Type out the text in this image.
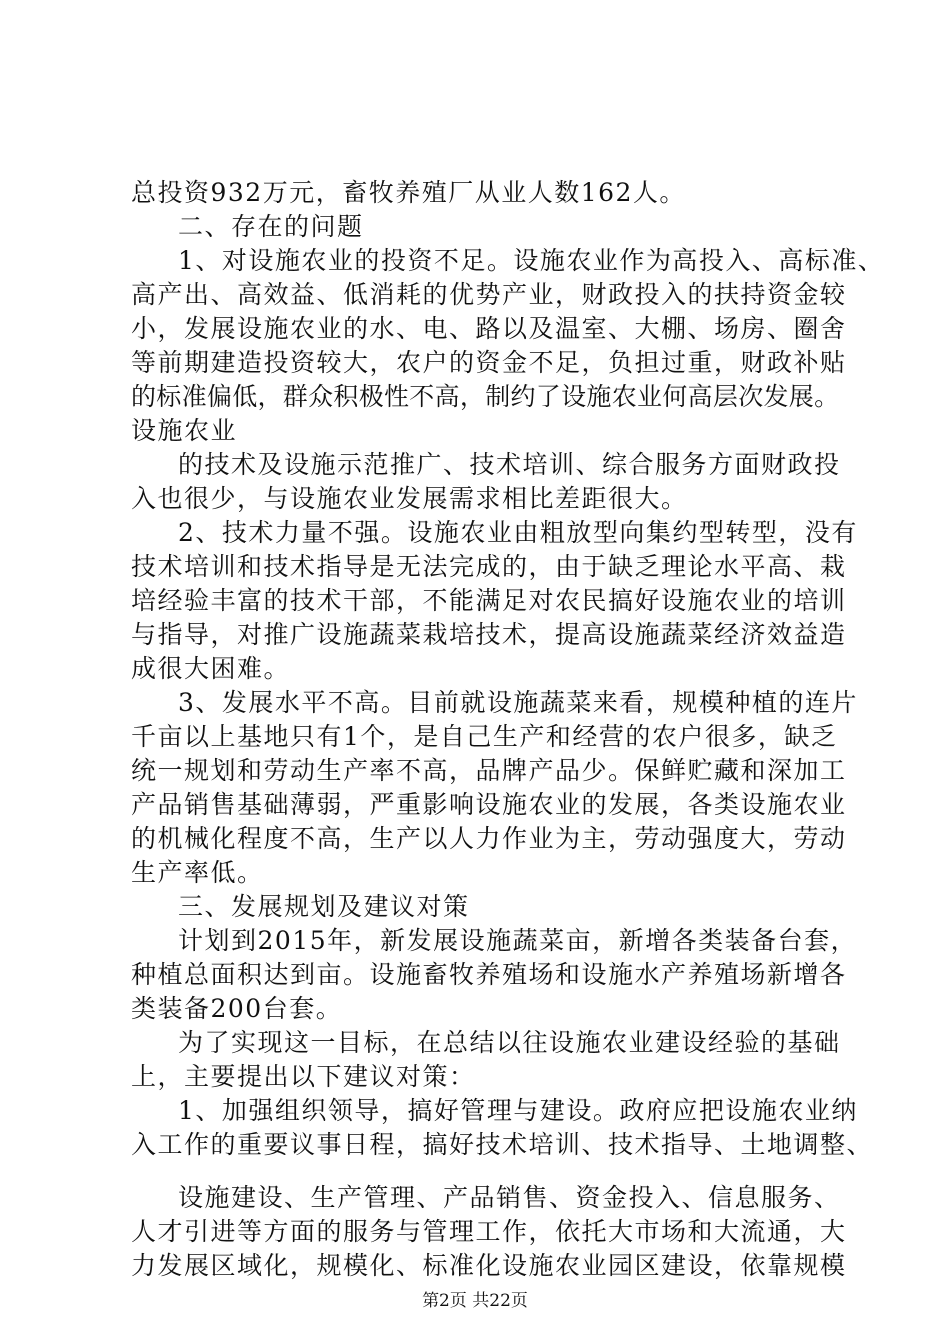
总投资932万元，畜牧养殖厂从业人数162人。
二、存在的问题
1、对设施农业的投资不足。设施农业作为高投入、高标准、
高产出、高效益、低消耗的优势产业，财政投入的扶持资金较
小，发展设施农业的水、电、路以及温室、大棚、场房、圈舍
等前期建造投资较大，农户的资金不足，负担过重，财政补贴
的标准偏低，群众积极性不高，制约了设施农业何高层次发展。
设施农业
的技术及设施示范推广、技术培训、综合服务方面财政投
入也很少，与设施农业发展需求相比差距很大。
2、技术力量不强。设施农业由粗放型向集约型转型，没有
技术培训和技术指导是无法完成的，由于缺乏理论水平高、栽
培经验丰富的技术干部，不能满足对农民搞好设施农业的培训
与指导，对推广设施蔬菜栽培技术，提高设施蔬菜经济效益造
成很大困难。
3、发展水平不高。目前就设施蔬菜来看，规模种植的连片
千亩以上基地只有1个，是自己生产和经营的农户很多，缺乏
统一规划和劳动生产率不高，品牌产品少。保鲜贮藏和深加工
产品销售基础薄弱，严重影响设施农业的发展，各类设施农业
的机械化程度不高，生产以人力作业为主，劳动强度大，劳动
生产率低。
三、发展规划及建议对策
计划到2015年，新发展设施蔬菜亩，新增各类装备台套，
种植总面积达到亩。设施畜牧养殖场和设施水产养殖场新增各
类装备200台套。
为了实现这一目标，在总结以往设施农业建设经验的基础
上，主要提出以下建议对策：
1、加强组织领导，搞好管理与建设。政府应把设施农业纳
入工作的重要议事日程，搞好技术培训、技术指导、土地调整、
设施建设、生产管理、产品销售、资金投入、信息服务、
人才引进等方面的服务与管理工作，依托大市场和大流通，大
力发展区域化，规模化、标准化设施农业园区建设，依靠规模
第2页 共22页
